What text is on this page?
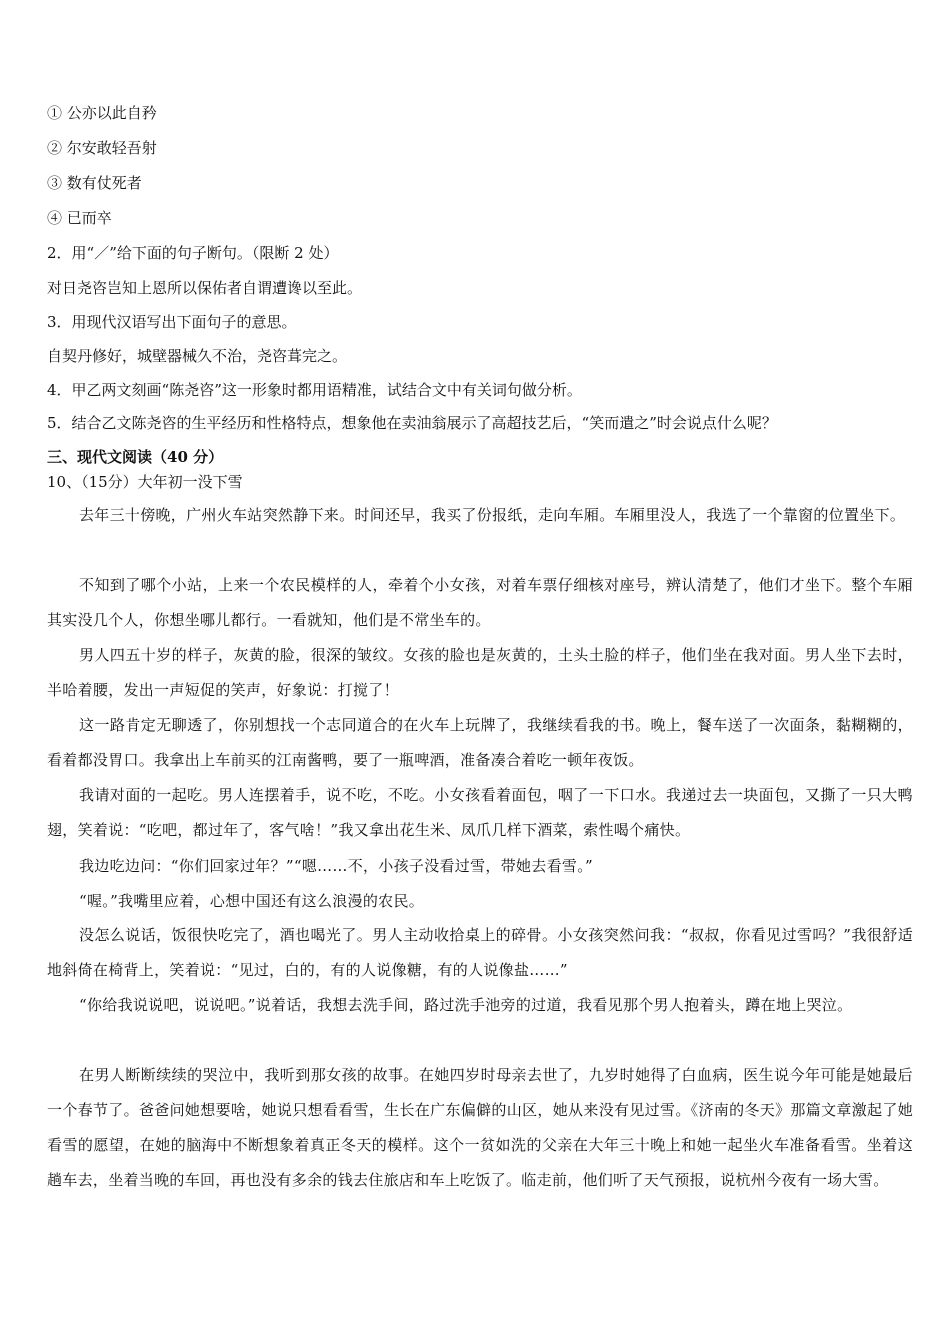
① 公亦以此自矜
② 尔安敢轻吾射
③ 数有仗死者
④ 已而卒
2．用“／”给下面的句子断句。（限断 2 处）
对日尧咨岂知上恩所以保佑者自谓遭谗以至此。
3．用现代汉语写出下面句子的意思。
自契丹修好，城壁器械久不治，尧咨葺完之。
4．甲乙两文刻画“陈尧咨”这一形象时都用语精准，试结合文中有关词句做分析。
5．结合乙文陈尧咨的生平经历和性格特点，想象他在卖油翁展示了高超技艺后，“笑而遣之”时会说点什么呢？
三、现代文阅读（40 分）
10、（15分）大年初一没下雪
去年三十傍晚，广州火车站突然静下来。时间还早，我买了份报纸，走向车厢。车厢里没人，我选了一个靠窗的位置坐下。
不知到了哪个小站，上来一个农民模样的人，牵着个小女孩，对着车票仔细核对座号，辨认清楚了，他们才坐下。整个车厢其实没几个人，你想坐哪儿都行。一看就知，他们是不常坐车的。
男人四五十岁的样子，灰黄的脸，很深的皱纹。女孩的脸也是灰黄的，土头土脸的样子，他们坐在我对面。男人坐下去时，半哈着腰，发出一声短促的笑声，好象说：打搅了！
这一路肯定无聊透了，你别想找一个志同道合的在火车上玩牌了，我继续看我的书。晚上，餐车送了一次面条，黏糊糊的，看着都没胃口。我拿出上车前买的江南酱鸭，要了一瓶啤酒，准备凑合着吃一顿年夜饭。
我请对面的一起吃。男人连摆着手，说不吃，不吃。小女孩看着面包，咽了一下口水。我递过去一块面包，又撕了一只大鸭翅，笑着说：“吃吧，都过年了，客气啥！”我又拿出花生米、凤爪几样下酒菜，索性喝个痛快。
我边吃边问：“你们回家过年？”“嗯……不，小孩子没看过雪，带她去看雪。”
“喔。”我嘴里应着，心想中国还有这么浪漫的农民。
没怎么说话，饭很快吃完了，酒也喝光了。男人主动收拾桌上的碎骨。小女孩突然问我：“叔叔，你看见过雪吗？”我很舒适地斜倚在椅背上，笑着说：“见过，白的，有的人说像糖，有的人说像盐……”
“你给我说说吧，说说吧。”说着话，我想去洗手间，路过洗手池旁的过道，我看见那个男人抱着头，蹲在地上哭泣。
在男人断断续续的哭泣中，我听到那女孩的故事。在她四岁时母亲去世了，九岁时她得了白血病，医生说今年可能是她最后一个春节了。爸爸问她想要啥，她说只想看看雪，生长在广东偏僻的山区，她从来没有见过雪。《济南的冬天》那篇文章激起了她看雪的愿望，在她的脑海中不断想象着真正冬天的模样。这个一贫如洗的父亲在大年三十晚上和她一起坐火车准备看雪。坐着这趟车去，坐着当晚的车回，再也没有多余的钱去住旅店和车上吃饭了。临走前，他们听了天气预报，说杭州今夜有一场大雪。
